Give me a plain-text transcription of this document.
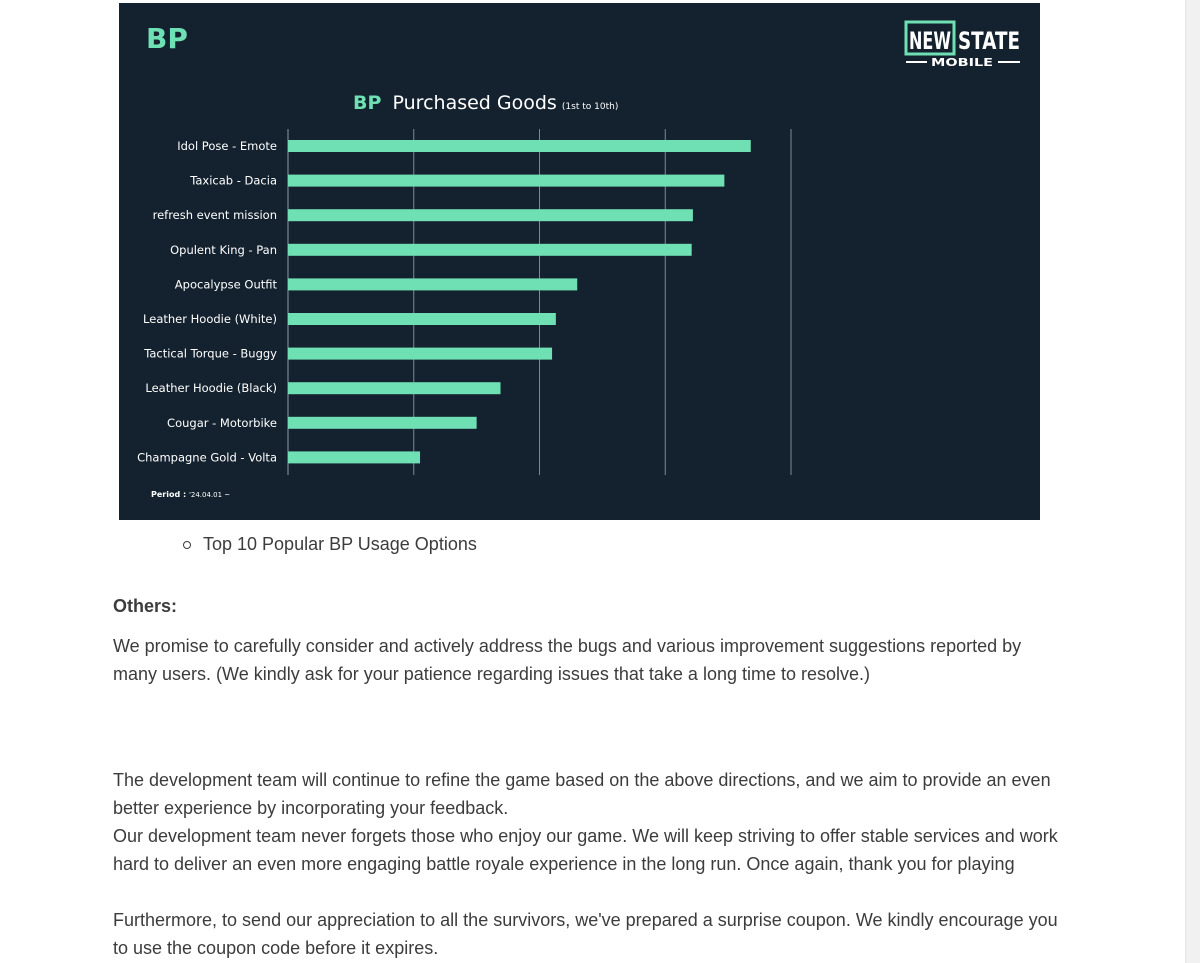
BP	NEW STATE
MOBILE
BP Purchased Goods (1st to 10th)
Idol Pose - Emote
Taxicab - Dacia
refresh event mission
Opulent King - Pan
Apocalypse Outfit
Leather Hoodie (White)
Tactical Torque - Buggy
Leather Hoodie (Black)
Cougar - Motorbike
Champagne Gold - Volta
Period : '24.04.01 ~
Top 10 Popular BP Usage Options
Others:

We promise to carefully consider and actively address the bugs and various improvement suggestions reported by many users. (We kindly ask for your patience regarding issues that take a long time to resolve.)

The development team will continue to refine the game based on the above directions, and we aim to provide an even better experience by incorporating your feedback.

Our development team never forgets those who enjoy our game. We will keep striving to offer stable services and work hard to deliver an even more engaging battle royale experience in the long run. Once again, thank you for playing

Furthermore, to send our appreciation to all the survivors, we've prepared a surprise coupon. We kindly encourage you to use the coupon code before it expires.
